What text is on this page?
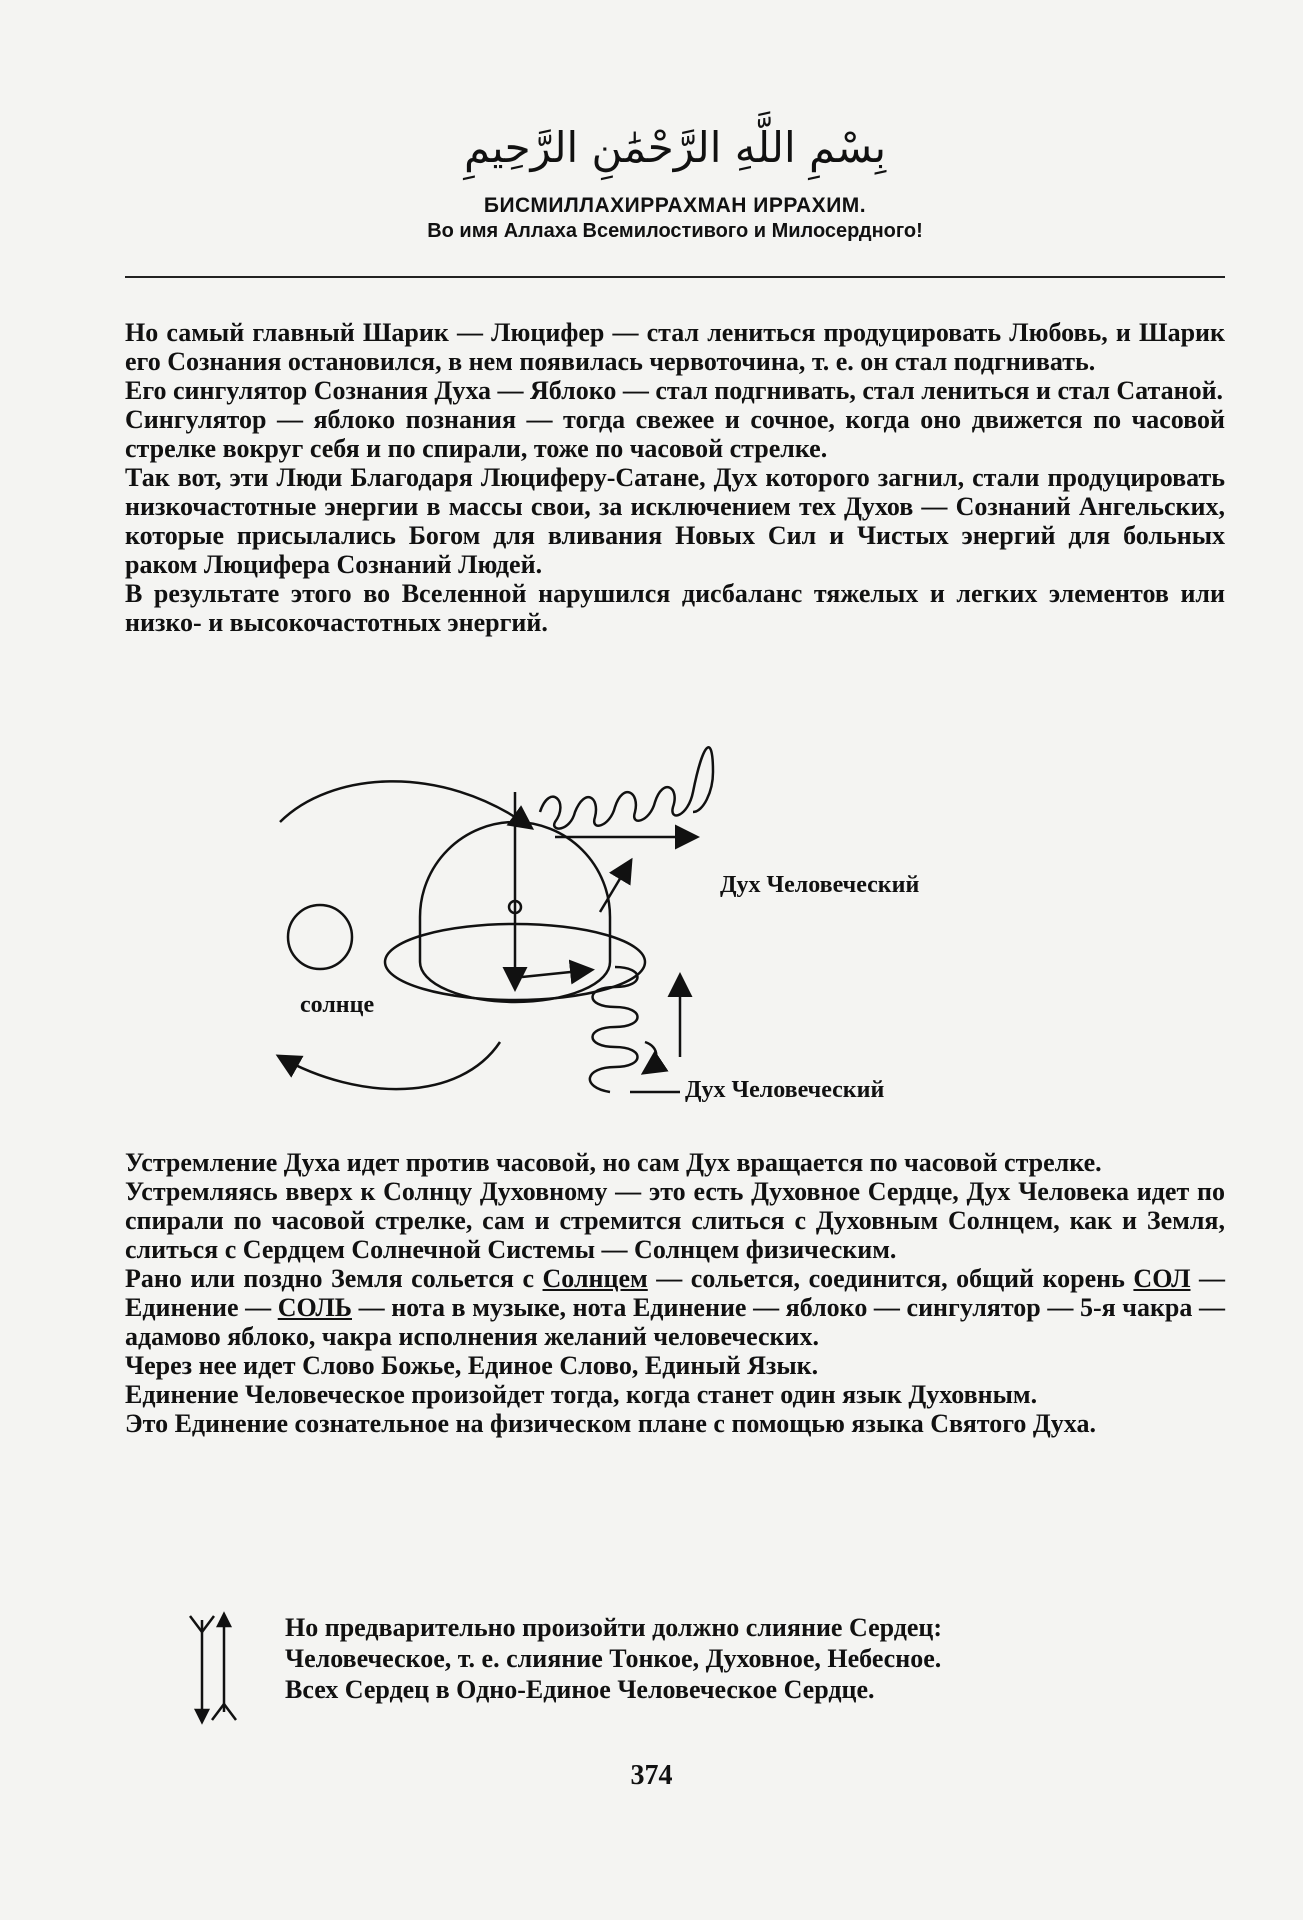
بِسْمِ اللَّهِ الرَّحْمَٰنِ الرَّحِيمِ
БИСМИЛЛАХИРРАХМАН ИРРАХИМ.
Во имя Аллаха Всемилостивого и Милосердного!

Но самый главный Шарик — Люцифер — стал лениться продуцировать Любовь, и Шарик его Сознания остановился, в нем появилась червоточина, т. е. он стал подгнивать.

Его сингулятор Сознания Духа — Яблоко — стал подгнивать, стал лениться и стал Сатаной.

Сингулятор — яблоко познания — тогда свежее и сочное, когда оно движется по часовой стрелке вокруг себя и по спирали, тоже по часовой стрелке.

Так вот, эти Люди Благодаря Люциферу-Сатане, Дух которого загнил, стали продуцировать низкочастотные энергии в массы свои, за исключением тех Духов — Сознаний Ангельских, которые присылались Богом для вливания Новых Сил и Чистых энергий для больных раком Люцифера Сознаний Людей.

В результате этого во Вселенной нарушился дисбаланс тяжелых и легких элементов или низко- и высокочастотных энергий.

солнце
Дух Человеческий
Дух Человеческий

Устремление Духа идет против часовой, но сам Дух вращается по часовой стрелке.

Устремляясь вверх к Солнцу Духовному — это есть Духовное Сердце, Дух Человека идет по спирали по часовой стрелке, сам и стремится слиться с Духовным Солнцем, как и Земля, слиться с Сердцем Солнечной Системы — Солнцем физическим.

Рано или поздно Земля сольется с Солнцем — сольется, соединится, общий корень СОЛ — Единение — СОЛЬ — нота в музыке, нота Единение — яблоко — сингулятор — 5-я чакра — адамово яблоко, чакра исполнения желаний человеческих.

Через нее идет Слово Божье, Единое Слово, Единый Язык.

Единение Человеческое произойдет тогда, когда станет один язык Духовным.

Это Единение сознательное на физическом плане с помощью языка Святого Духа.

Но предварительно произойти должно слияние Сердец:

Человеческое, т. е. слияние Тонкое, Духовное, Небесное.

Всех Сердец в Одно-Единое Человеческое Сердце.

374
